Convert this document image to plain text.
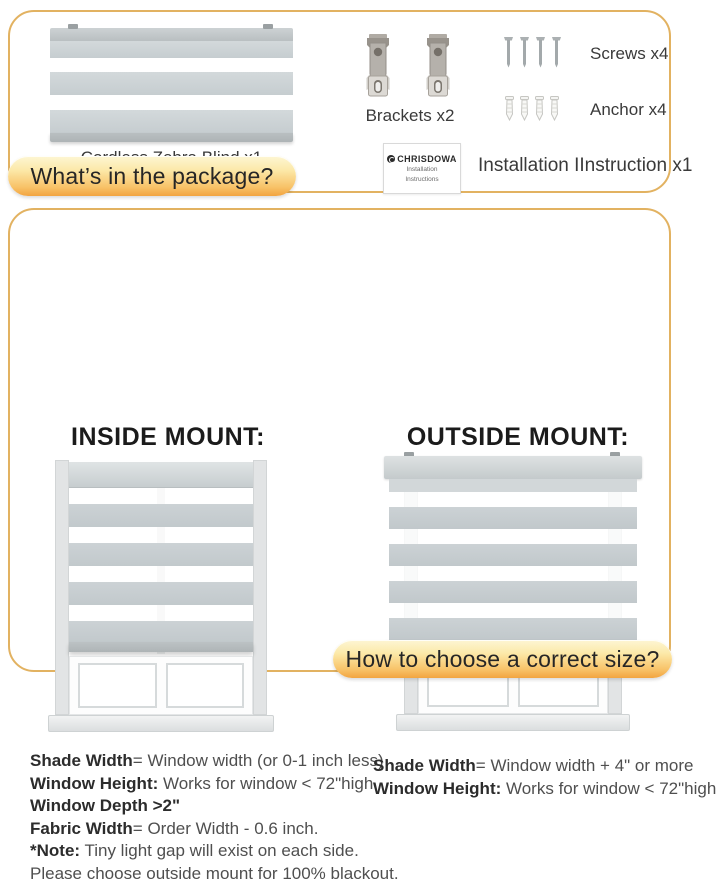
Brackets x2
Screws x4
Anchor x4
CHRISDOWA
Installation
Instructions
Installation IInstruction x1
What’s in the package?
INSIDE MOUNT:	OUTSIDE MOUNT:

Shade Width= Window width (or 0-1 inch less)

Window Height: Works for window < 72"high

Window Depth >2"

Fabric Width= Order Width - 0.6 inch.

*Note: Tiny light gap will exist on each side.

Please choose outside mount for 100% blackout.

Shade Width= Window width + 4" or more

Window Height: Works for window < 72"high

How to choose a correct size?
